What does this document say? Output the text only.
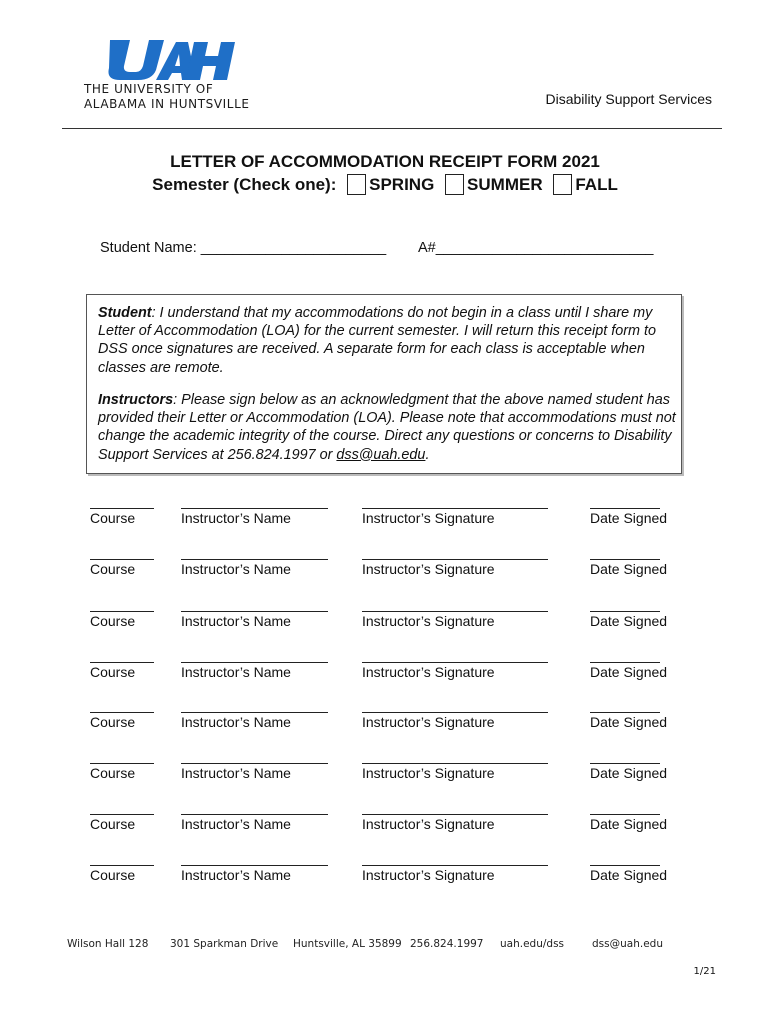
THE UNIVERSITY OF
ALABAMA IN HUNTSVILLE	Disability Support Services
LETTER OF ACCOMMODATION RECEIPT FORM 2021
Semester (Check one): SPRING SUMMER FALL
Student Name: _______________________ A#___________________________
Student: I understand that my accommodations do not begin in a class until I share my Letter of Accommodation (LOA) for the current semester. I will return this receipt form to DSS once signatures are received. A separate form for each class is acceptable when classes are remote.
Instructors: Please sign below as an acknowledgment that the above named student has provided their Letter or Accommodation (LOA). Please note that accommodations must not change the academic integrity of the course. Direct any questions or concerns to Disability Support Services at 256.824.1997 or dss@uah.edu.
Course	Instructor’s Name	Instructor’s Signature	Date Signed
Course	Instructor’s Name	Instructor’s Signature	Date Signed
Course	Instructor’s Name	Instructor’s Signature	Date Signed
Course	Instructor’s Name	Instructor’s Signature	Date Signed
Course	Instructor’s Name	Instructor’s Signature	Date Signed
Course	Instructor’s Name	Instructor’s Signature	Date Signed
Course	Instructor’s Name	Instructor’s Signature	Date Signed
Course	Instructor’s Name	Instructor’s Signature	Date Signed
Wilson Hall 128 301 Sparkman Drive Huntsville, AL 35899 256.824.1997 uah.edu/dss	dss@uah.edu
1/21
